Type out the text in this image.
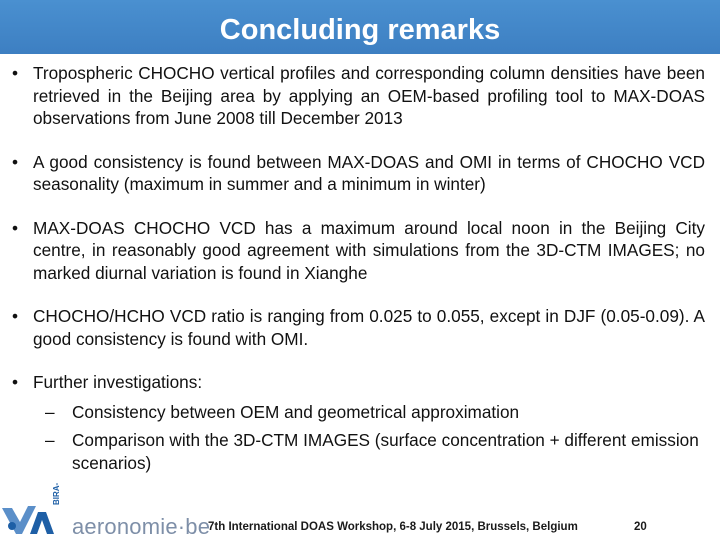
Concluding remarks
• Tropospheric CHOCHO vertical profiles and corresponding column densities have been retrieved in the Beijing area by applying an OEM-based profiling tool to MAX-DOAS observations from June 2008 till December 2013
• A good consistency is found between MAX-DOAS and OMI in terms of CHOCHO VCD seasonality (maximum in summer and a minimum in winter)
• MAX-DOAS CHOCHO VCD has a maximum around local noon in the Beijing City centre, in reasonably good agreement with simulations from the 3D-CTM IMAGES; no marked diurnal variation is found in Xianghe
• CHOCHO/HCHO VCD ratio is ranging from 0.025 to 0.055, except in DJF (0.05-0.09). A good consistency is found with OMI.
• Further investigations:
– Consistency between OEM and geometrical approximation
– Comparison with the 3D-CTM IMAGES (surface concentration + different emission scenarios)
BIRA-
aeronomie·be
7th International DOAS Workshop, 6-8 July 2015, Brussels, Belgium	20
